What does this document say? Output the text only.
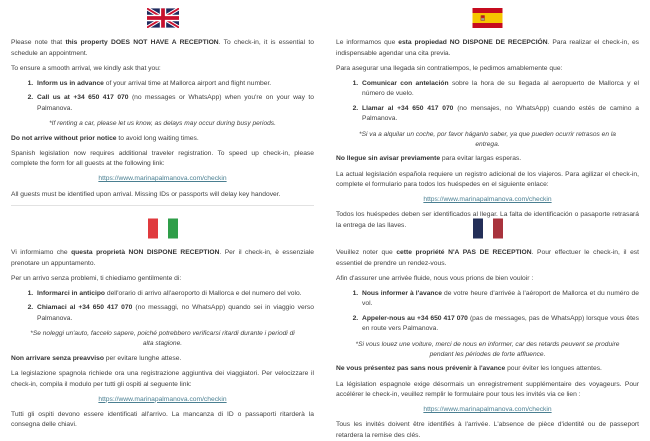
Please note that this property DOES NOT HAVE A RECEPTION. To check-in, it is essential to schedule an appointment.

To ensure a smooth arrival, we kindly ask that you:

1. Inform us in advance of your arrival time at Mallorca airport and flight number.
2. Call us at +34 650 417 070 (no messages or WhatsApp) when you're on your way to Palmanova.

*If renting a car, please let us know, as delays may occur during busy periods.

Do not arrive without prior notice to avoid long waiting times.

Spanish legislation now requires additional traveler registration. To speed up check-in, please complete the form for all guests at the following link:

https://www.marinapalmanova.com/checkin

All guests must be identified upon arrival. Missing IDs or passports will delay key handover.

Le informamos que esta propiedad NO DISPONE DE RECEPCIÓN. Para realizar el check-in, es indispensable agendar una cita previa.

Para asegurar una llegada sin contratiempos, le pedimos amablemente que:

1. Comunicar con antelación sobre la hora de su llegada al aeropuerto de Mallorca y el número de vuelo.
2. Llamar al +34 650 417 070 (no mensajes, no WhatsApp) cuando estés de camino a Palmanova.

*Si va a alquilar un coche, por favor háganlo saber, ya que pueden ocurrir retrasos en la entrega.

No llegue sin avisar previamente para evitar largas esperas.

La actual legislación española requiere un registro adicional de los viajeros. Para agilizar el check-in, complete el formulario para todos los huéspedes en el siguiente enlace:

https://www.marinapalmanova.com/checkin

Todos los huéspedes deben ser identificados al llegar. La falta de identificación o pasaporte retrasará la entrega de las llaves.

Vi informiamo che questa proprietà NON DISPONE RECEPTION. Per il check-in, è essenziale prenotare un appuntamento.

Per un arrivo senza problemi, ti chiediamo gentilmente di:

1. Informarci in anticipo dell'orario di arrivo all'aeroporto di Mallorca e del numero del volo.
2. Chiamaci al +34 650 417 070 (no messaggi, no WhatsApp) quando sei in viaggio verso Palmanova.

*Se noleggi un'auto, faccelo sapere, poiché potrebbero verificarsi ritardi durante i periodi di alta stagione.

Non arrivare senza preavviso per evitare lunghe attese.

La legislazione spagnola richiede ora una registrazione aggiuntiva dei viaggiatori. Per velocizzare il check-in, compila il modulo per tutti gli ospiti al seguente link:

https://www.marinapalmanova.com/checkin

Tutti gli ospiti devono essere identificati all'arrivo. La mancanza di ID o passaporti ritarderà la consegna delle chiavi.

Veuillez noter que cette propriété N'A PAS DE RECEPTION. Pour effectuer le check-in, il est essentiel de prendre un rendez-vous.

Afin d'assurer une arrivée fluide, nous vous prions de bien vouloir :

1. Nous informer à l'avance de votre heure d'arrivée à l'aéroport de Mallorca et du numéro de vol.
2. Appeler-nous au +34 650 417 070 (pas de messages, pas de WhatsApp) lorsque vous êtes en route vers Palmanova.

*Si vous louez une voiture, merci de nous en informer, car des retards peuvent se produire pendant les périodes de forte affluence.

Ne vous présentez pas sans nous prévenir à l'avance pour éviter les longues attentes.

La législation espagnole exige désormais un enregistrement supplémentaire des voyageurs. Pour accélérer le check-in, veuillez remplir le formulaire pour tous les invités via ce lien :

https://www.marinapalmanova.com/checkin

Tous les invités doivent être identifiés à l'arrivée. L'absence de pièce d'identité ou de passeport retardera la remise des clés.
